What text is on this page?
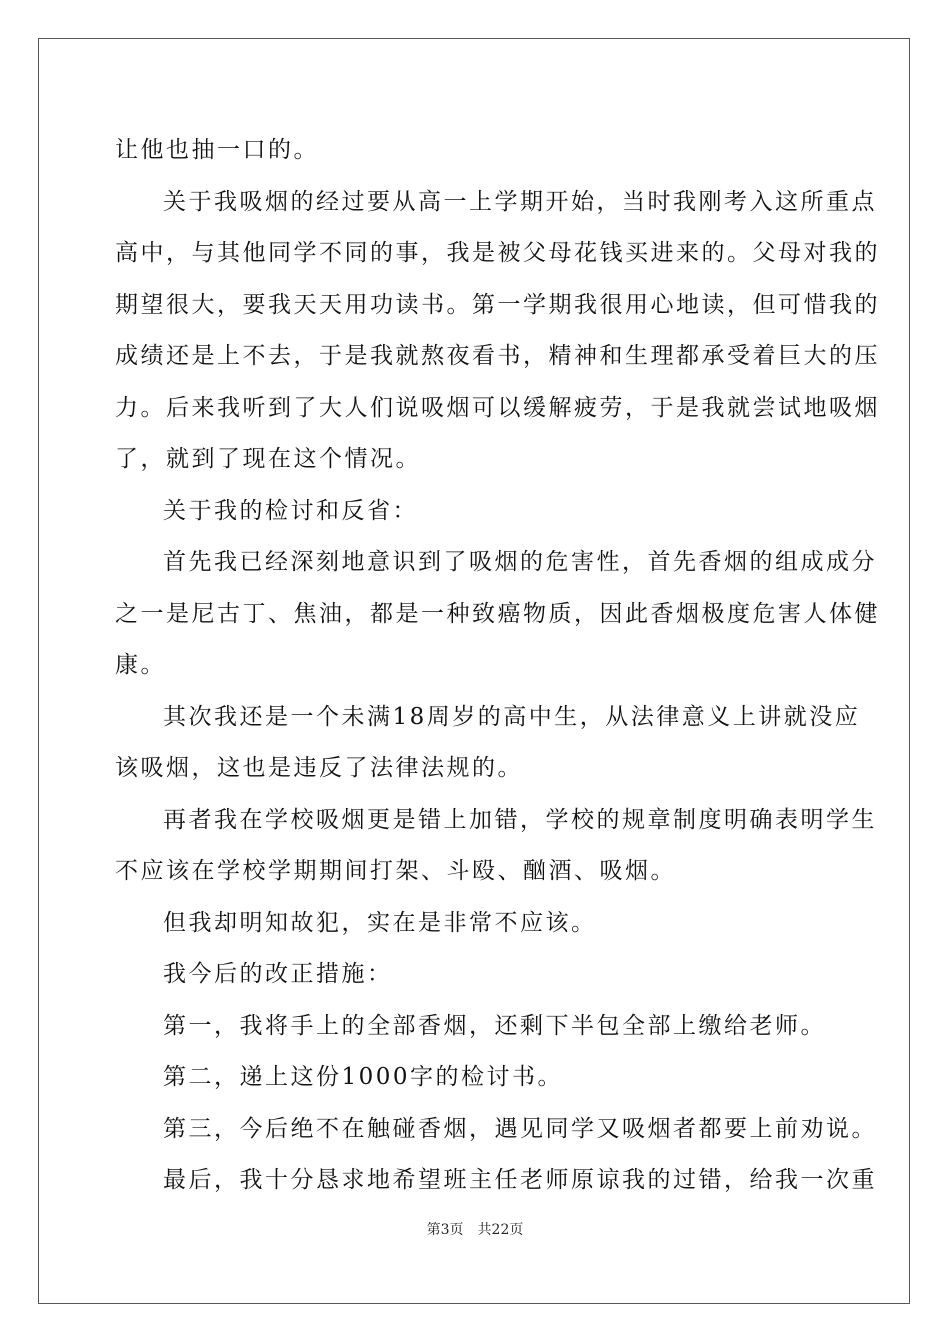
让他也抽一口的。

关于我吸烟的经过要从高一上学期开始，当时我刚考入这所重点

高中，与其他同学不同的事，我是被父母花钱买进来的。父母对我的

期望很大，要我天天用功读书。第一学期我很用心地读，但可惜我的

成绩还是上不去，于是我就熬夜看书，精神和生理都承受着巨大的压

力。后来我听到了大人们说吸烟可以缓解疲劳，于是我就尝试地吸烟

了，就到了现在这个情况。

关于我的检讨和反省：

首先我已经深刻地意识到了吸烟的危害性，首先香烟的组成成分

之一是尼古丁、焦油，都是一种致癌物质，因此香烟极度危害人体健

康。

其次我还是一个未满18周岁的高中生，从法律意义上讲就没应

该吸烟，这也是违反了法律法规的。

再者我在学校吸烟更是错上加错，学校的规章制度明确表明学生

不应该在学校学期期间打架、斗殴、酗酒、吸烟。

但我却明知故犯，实在是非常不应该。

我今后的改正措施：

第一，我将手上的全部香烟，还剩下半包全部上缴给老师。

第二，递上这份1000字的检讨书。

第三，今后绝不在触碰香烟，遇见同学又吸烟者都要上前劝说。

最后，我十分恳求地希望班主任老师原谅我的过错，给我一次重

第3页 共22页
